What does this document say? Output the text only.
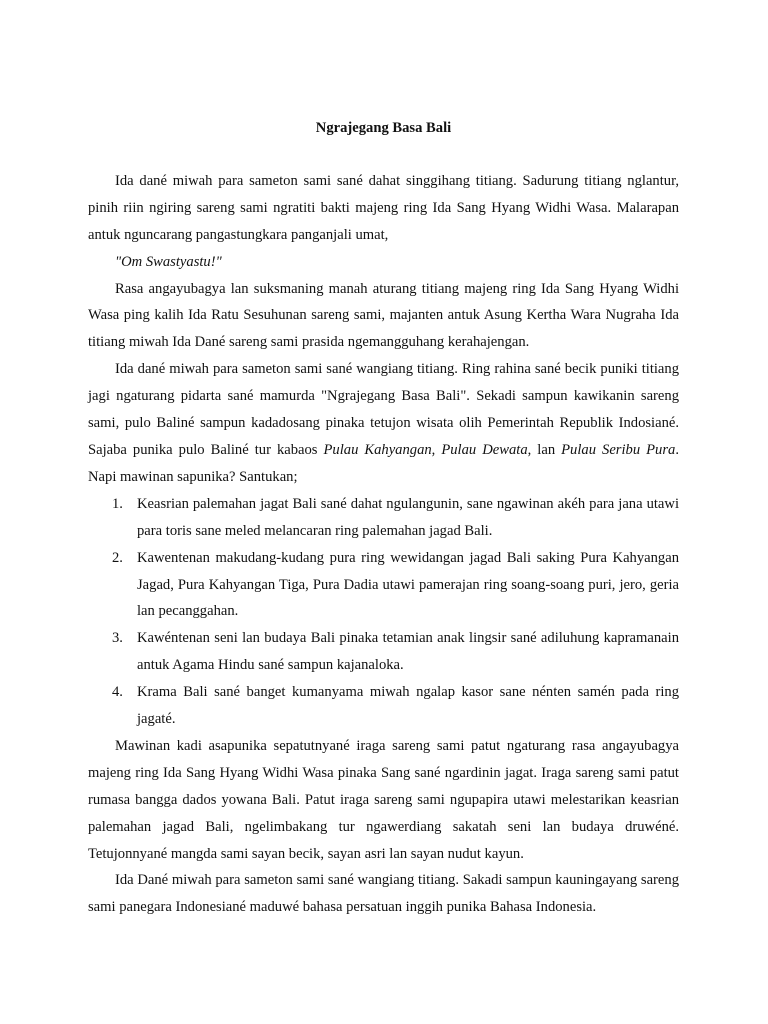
Ngrajegang Basa Bali

Ida dané miwah para sameton sami sané dahat singgihang titiang. Sadurung titiang nglantur, pinih riin ngiring sareng sami ngratiti bakti majeng ring Ida Sang Hyang Widhi Wasa. Malarapan antuk nguncarang pangastungkara panganjali umat,

"Om Swastyastu!"

Rasa angayubagya lan suksmaning manah aturang titiang majeng ring Ida Sang Hyang Widhi Wasa ping kalih Ida Ratu Sesuhunan sareng sami, majanten antuk Asung Kertha Wara Nugraha Ida titiang miwah Ida Dané sareng sami prasida ngemangguhang kerahajengan.

Ida dané miwah para sameton sami sané wangiang titiang. Ring rahina sané becik puniki titiang jagi ngaturang pidarta sané mamurda "Ngrajegang Basa Bali". Sekadi sampun kawikanin sareng sami, pulo Baliné sampun kadadosang pinaka tetujon wisata olih Pemerintah Republik Indosiané. Sajaba punika pulo Baliné tur kabaos Pulau Kahyangan, Pulau Dewata, lan Pulau Seribu Pura. Napi mawinan sapunika? Santukan;

1. Keasrian palemahan jagat Bali sané dahat ngulangunin, sane ngawinan akéh para jana utawi para toris sane meled melancaran ring palemahan jagad Bali.
2. Kawentenan makudang-kudang pura ring wewidangan jagad Bali saking Pura Kahyangan Jagad, Pura Kahyangan Tiga, Pura Dadia utawi pamerajan ring soang-soang puri, jero, geria lan pecanggahan.
3. Kawéntenan seni lan budaya Bali pinaka tetamian anak lingsir sané adiluhung kapramanain antuk Agama Hindu sané sampun kajanaloka.
4. Krama Bali sané banget kumanyama miwah ngalap kasor sane nénten samén pada ring jagaté.

Mawinan kadi asapunika sepatutnyané iraga sareng sami patut ngaturang rasa angayubagya majeng ring Ida Sang Hyang Widhi Wasa pinaka Sang sané ngardinin jagat. Iraga sareng sami patut rumasa bangga dados yowana Bali. Patut iraga sareng sami ngupapira utawi melestarikan keasrian palemahan jagad Bali, ngelimbakang tur ngawerdiang sakatah seni lan budaya druwéné. Tetujonnyané mangda sami sayan becik, sayan asri lan sayan nudut kayun.

Ida Dané miwah para sameton sami sané wangiang titiang. Sakadi sampun kauningayang sareng sami panegara Indonesiané maduwé bahasa persatuan inggih punika Bahasa Indonesia.
